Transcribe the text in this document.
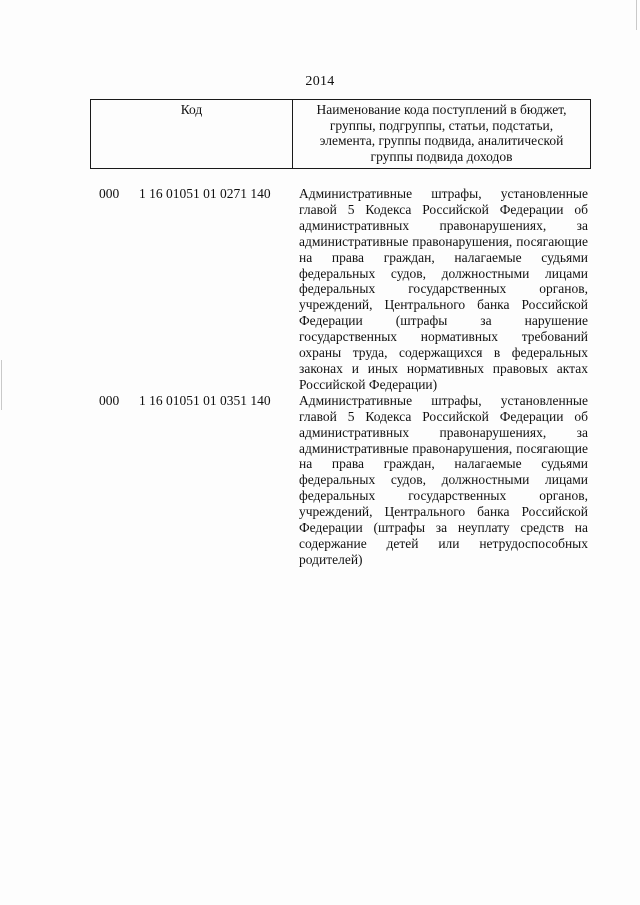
2014
Код	Наименование кода поступлений в бюджет, группы, подгруппы, статьи, подстатьи, элемента, группы подвида, аналитической группы подвида доходов
000	1 16 01051 01 0271 140	Административные штрафы, установленные главой 5 Кодекса Российской Федерации об административных правонарушениях, за административные правонарушения, посягающие на права граждан, налагаемые судьями федеральных судов, должностными лицами федеральных государственных органов, учреждений, Центрального банка Российской Федерации (штрафы за нарушение государственных нормативных требований охраны труда, содержащихся в федеральных законах и иных нормативных правовых актах Российской Федерации)
000	1 16 01051 01 0351 140	Административные штрафы, установленные главой 5 Кодекса Российской Федерации об административных правонарушениях, за административные правонарушения, посягающие на права граждан, налагаемые судьями федеральных судов, должностными лицами федеральных государственных органов, учреждений, Центрального банка Российской Федерации (штрафы за неуплату средств на содержание детей или нетрудоспособных родителей)
